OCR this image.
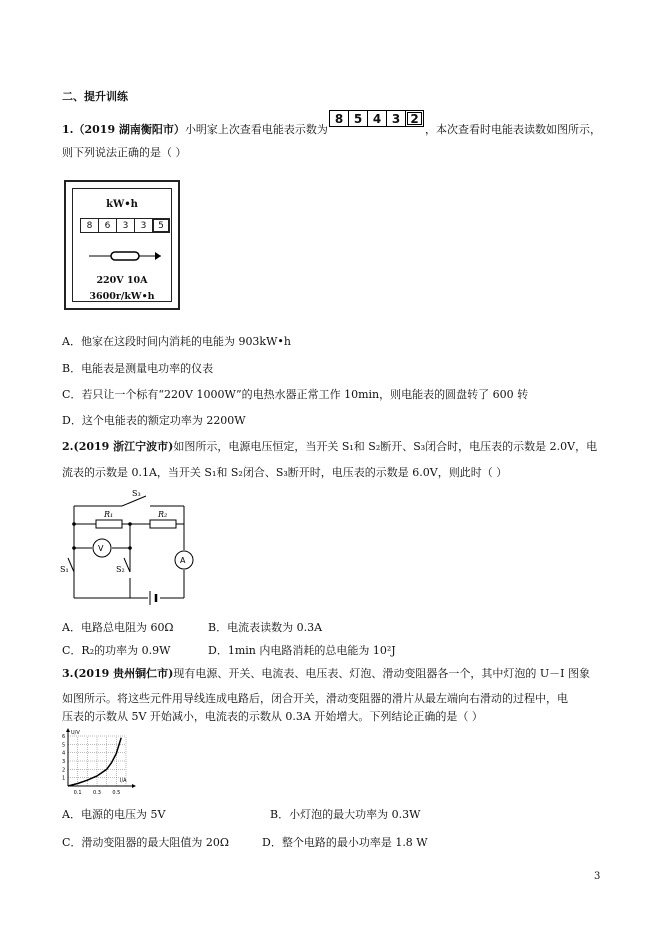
二、提升训练
1.（2019 湖南衡阳市）小明家上次查看电能表示数为
8 5 4 3 2
，本次查看时电能表读数如图所示，
则下列说法正确的是（ ）
kW•h
8	6	3	3	5
220V 10A
3600r/kW•h
A．他家在这段时间内消耗的电能为 903kW•h
B．电能表是测量电功率的仪表
C．若只让一个标有“220V 1000W”的电热水器正常工作 10min，则电能表的圆盘转了 600 转
D．这个电能表的额定功率为 2200W
2.(2019 浙江宁波市)如图所示，电源电压恒定，当开关 S₁和 S₂断开、S₃闭合时，电压表的示数是 2.0V，电
流表的示数是 0.1A，当开关 S₁和 S₂闭合、S₃断开时，电压表的示数是 6.0V，则此时（ ）
S₃
R₁	R₂
V
A
S₁	S₂
A．电路总电阻为 60Ω	B．电流表读数为 0.3A
C．R₂的功率为 0.9W	D．1min 内电路消耗的总电能为 10²J
3.(2019 贵州铜仁市)现有电源、开关、电流表、电压表、灯泡、滑动变阻器各一个，其中灯泡的 U－I 图象
如图所示。将这些元件用导线连成电路后，闭合开关，滑动变阻器的滑片从最左端向右滑动的过程中，电
压表的示数从 5V 开始减小，电流表的示数从 0.3A 开始增大。下列结论正确的是（ ）
U/V
I/A
1
2
3
4
5
6
0.1 0.3 0.5
A．电源的电压为 5V	B．小灯泡的最大功率为 0.3W
C．滑动变阻器的最大阻值为 20Ω	D．整个电路的最小功率是 1.8 W
3
